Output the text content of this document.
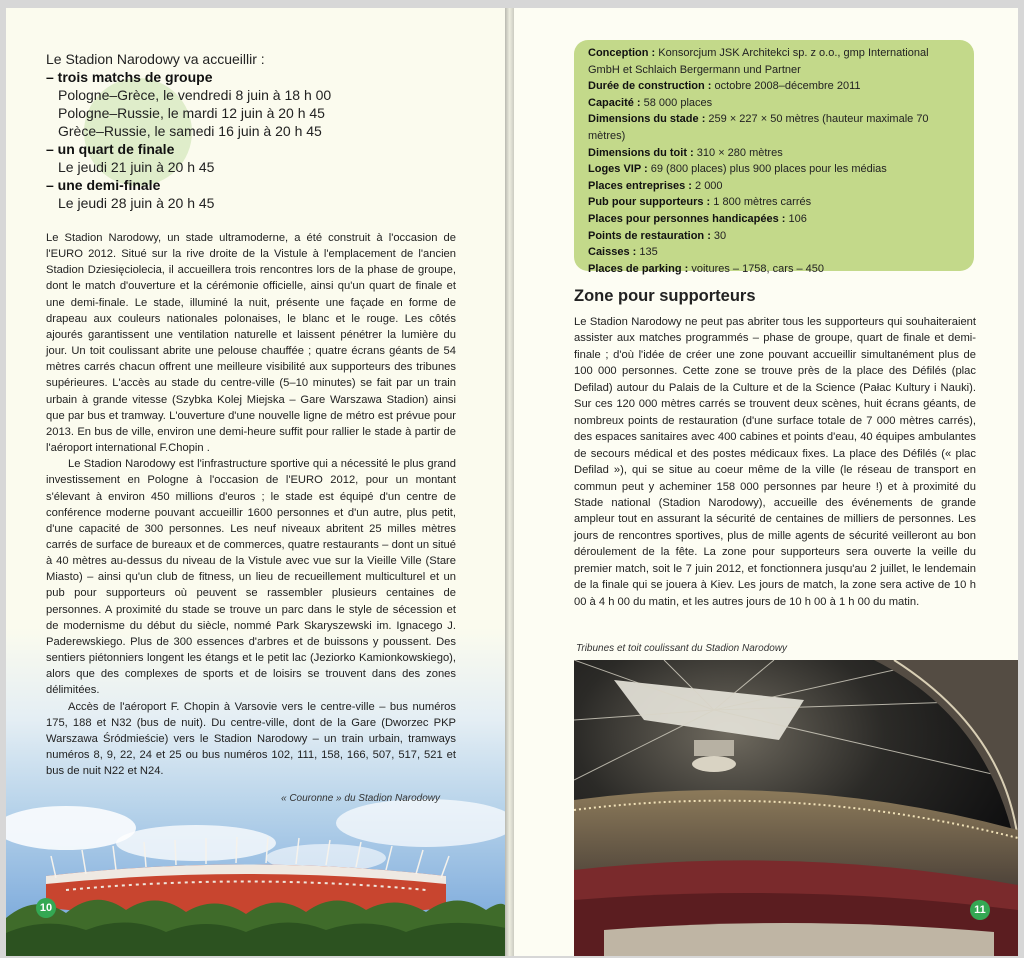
Le Stadion Narodowy va accueillir :
– trois matchs de groupe
Pologne–Grèce, le vendredi 8 juin à 18 h 00
Pologne–Russie, le mardi 12 juin à 20 h 45
Grèce–Russie, le samedi 16 juin à 20 h 45
– un quart de finale
Le jeudi 21 juin à 20 h 45
– une demi-finale
Le jeudi 28 juin à 20 h 45

Le Stadion Narodowy, un stade ultramoderne, a été construit à l'occasion de l'EURO 2012. Situé sur la rive droite de la Vistule à l'emplacement de l'ancien Stadion Dziesięciolecia, il accueillera trois rencontres lors de la phase de groupe, dont le match d'ouverture et la cérémonie officielle, ainsi qu'un quart de finale et une demi-finale. Le stade, illuminé la nuit, présente une façade en forme de drapeau aux couleurs nationales polonaises, le blanc et le rouge. Les côtés ajourés garantissent une ventilation naturelle et laissent pénétrer la lumière du jour. Un toit coulissant abrite une pelouse chauffée ; quatre écrans géants de 54 mètres carrés chacun offrent une meilleure visibilité aux supporteurs des tribunes supérieures. L'accès au stade du centre-ville (5–10 minutes) se fait par un train urbain à grande vitesse (Szybka Kolej Miejska – Gare Warszawa Stadion) ainsi que par bus et tramway. L'ouverture d'une nouvelle ligne de métro est prévue pour 2013. En bus de ville, environ une demi-heure suffit pour rallier le stade à partir de l'aéroport international F.Chopin .

Le Stadion Narodowy est l'infrastructure sportive qui a nécessité le plus grand investissement en Pologne à l'occasion de l'EURO 2012, pour un montant s'élevant à environ 450 millions d'euros ; le stade est équipé d'un centre de conférence moderne pouvant accueillir 1600 personnes et d'un autre, plus petit, d'une capacité de 300 personnes. Les neuf niveaux abritent 25 milles mètres carrés de surface de bureaux et de commerces, quatre restaurants – dont un situé à 40 mètres au-dessus du niveau de la Vistule avec vue sur la Vieille Ville (Stare Miasto) – ainsi qu'un club de fitness, un lieu de recueillement multiculturel et un pub pour supporteurs où peuvent se rassembler plusieurs centaines de personnes. A proximité du stade se trouve un parc dans le style de sécession et de modernisme du début du siècle, nommé Park Skaryszewski im. Ignacego J. Paderewskiego. Plus de 300 essences d'arbres et de buissons y poussent. Des sentiers piétonniers longent les étangs et le petit lac (Jeziorko Kamionkowskiego), alors que des complexes de sports et de loisirs se trouvent dans des zones délimitées.

Accès de l'aéroport F. Chopin à Varsovie vers le centre-ville – bus numéros 175, 188 et N32 (bus de nuit). Du centre-ville, dont de la Gare (Dworzec PKP Warszawa Śródmieście) vers le Stadion Narodowy – un train urbain, tramways numéros 8, 9, 22, 24 et 25 ou bus numéros 102, 111, 158, 166, 507, 517, 521 et bus de nuit N22 et N24.

« Couronne » du Stadion Narodowy
10
Conception : Konsorcjum JSK Architekci sp. z o.o., gmp International GmbH et Schlaich Bergermann und Partner
Durée de construction : octobre 2008–décembre 2011
Capacité : 58 000 places
Dimensions du stade : 259 × 227 × 50 mètres (hauteur maximale 70 mètres)
Dimensions du toit : 310 × 280 mètres
Loges VIP : 69 (800 places) plus 900 places pour les médias
Places entreprises : 2 000
Pub pour supporteurs : 1 800 mètres carrés
Places pour personnes handicapées : 106
Points de restauration : 30
Caisses : 135
Places de parking : voitures – 1758, cars – 450
Zone pour supporteurs

Le Stadion Narodowy ne peut pas abriter tous les supporteurs qui souhaiteraient assister aux matches programmés – phase de groupe, quart de finale et demi-finale ; d'où l'idée de créer une zone pouvant accueillir simultanément plus de 100 000 personnes. Cette zone se trouve près de la place des Défilés (plac Defilad) autour du Palais de la Culture et de la Science (Pałac Kultury i Nauki). Sur ces 120 000 mètres carrés se trouvent deux scènes, huit écrans géants, de nombreux points de restauration (d'une surface totale de 7 000 mètres carrés), des espaces sanitaires avec 400 cabines et points d'eau, 40 équipes ambulantes de secours médical et des postes médicaux fixes. La place des Défilés (« plac Defilad »), qui se situe au coeur même de la ville (le réseau de transport en commun peut y acheminer 158 000 personnes par heure !) et à proximité du Stade national (Stadion Narodowy), accueille des événements de grande ampleur tout en assurant la sécurité de centaines de milliers de personnes. Les jours de rencontres sportives, plus de mille agents de sécurité veilleront au bon déroulement de la fête. La zone pour supporteurs sera ouverte la veille du premier match, soit le 7 juin 2012, et fonctionnera jusqu'au 2 juillet, le lendemain de la finale qui se jouera à Kiev. Les jours de match, la zone sera active de 10 h 00 à 4 h 00 du matin, et les autres jours de 10 h 00 à 1 h 00 du matin.

Tribunes et toit coulissant du Stadion Narodowy
11
